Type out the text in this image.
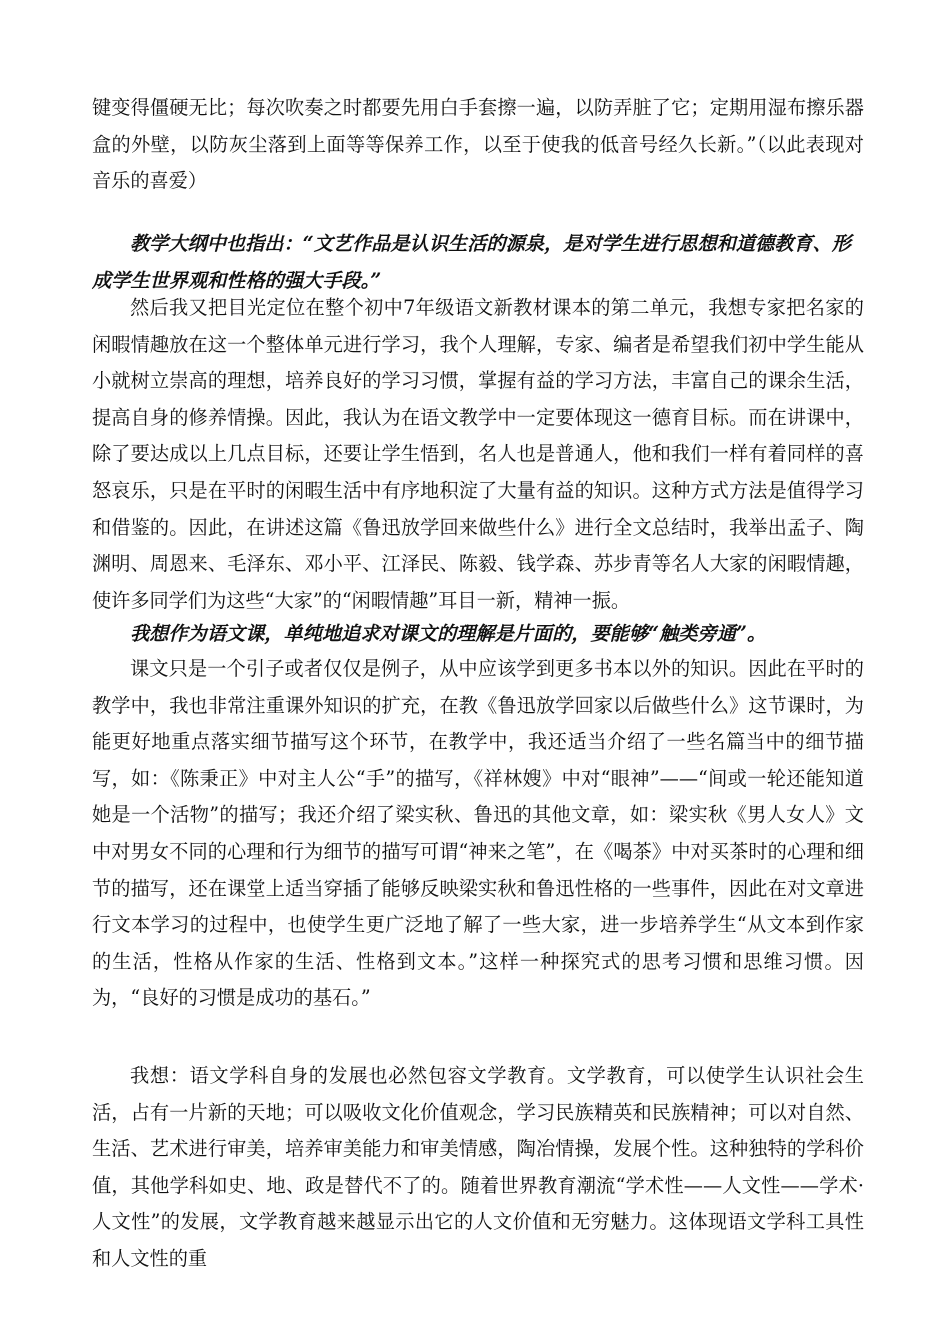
键变得僵硬无比；每次吹奏之时都要先用白手套擦一遍，以防弄脏了它；定期用湿布擦乐器盒的外壁，以防灰尘落到上面等等保养工作，以至于使我的低音号经久长新。”（以此表现对音乐的喜爱）
教学大纲中也指出：“文艺作品是认识生活的源泉，是对学生进行思想和道德教育、形成学生世界观和性格的强大手段。”
然后我又把目光定位在整个初中7年级语文新教材课本的第二单元，我想专家把名家的闲暇情趣放在这一个整体单元进行学习，我个人理解，专家、编者是希望我们初中学生能从小就树立崇高的理想，培养良好的学习习惯，掌握有益的学习方法，丰富自己的课余生活，提高自身的修养情操。因此，我认为在语文教学中一定要体现这一德育目标。而在讲课中，除了要达成以上几点目标，还要让学生悟到，名人也是普通人，他和我们一样有着同样的喜怒哀乐，只是在平时的闲暇生活中有序地积淀了大量有益的知识。这种方式方法是值得学习和借鉴的。因此，在讲述这篇《鲁迅放学回来做些什么》进行全文总结时，我举出孟子、陶渊明、周恩来、毛泽东、邓小平、江泽民、陈毅、钱学森、苏步青等名人大家的闲暇情趣，使许多同学们为这些“大家”的“闲暇情趣”耳目一新，精神一振。
我想作为语文课，单纯地追求对课文的理解是片面的，要能够“触类旁通”。
课文只是一个引子或者仅仅是例子，从中应该学到更多书本以外的知识。因此在平时的教学中，我也非常注重课外知识的扩充，在教《鲁迅放学回家以后做些什么》这节课时，为能更好地重点落实细节描写这个环节，在教学中，我还适当介绍了一些名篇当中的细节描写，如：《陈秉正》中对主人公“手”的描写，《祥林嫂》中对“眼神”——“间或一轮还能知道她是一个活物”的描写；我还介绍了梁实秋、鲁迅的其他文章，如：梁实秋《男人女人》文中对男女不同的心理和行为细节的描写可谓“神来之笔”，在《喝茶》中对买茶时的心理和细节的描写，还在课堂上适当穿插了能够反映梁实秋和鲁迅性格的一些事件，因此在对文章进行文本学习的过程中，也使学生更广泛地了解了一些大家，进一步培养学生“从文本到作家的生活，性格从作家的生活、性格到文本。”这样一种探究式的思考习惯和思维习惯。因为，“良好的习惯是成功的基石。”
我想：语文学科自身的发展也必然包容文学教育。文学教育，可以使学生认识社会生活，占有一片新的天地；可以吸收文化价值观念，学习民族精英和民族精神；可以对自然、生活、艺术进行审美，培养审美能力和审美情感，陶冶情操，发展个性。这种独特的学科价值，其他学科如史、地、政是替代不了的。随着世界教育潮流“学术性——人文性——学术·人文性”的发展，文学教育越来越显示出它的人文价值和无穷魅力。这体现语文学科工具性和人文性的重
